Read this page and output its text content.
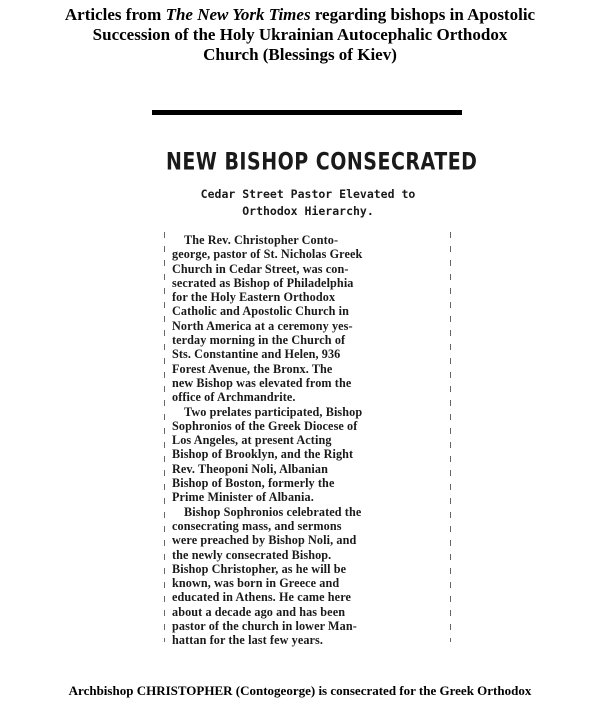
Articles from The New York Times regarding bishops in Apostolic
Succession of the Holy Ukrainian Autocephalic Orthodox
Church (Blessings of Kiev)
NEW BISHOP CONSECRATED
Cedar Street Pastor Elevated to
Orthodox Hierarchy.
The Rev. Christopher Conto-
george, pastor of St. Nicholas Greek
Church in Cedar Street, was con-
secrated as Bishop of Philadelphia
for the Holy Eastern Orthodox
Catholic and Apostolic Church in
North America at a ceremony yes-
terday morning in the Church of
Sts. Constantine and Helen, 936
Forest Avenue, the Bronx. The
new Bishop was elevated from the
office of Archmandrite.
Two prelates participated, Bishop
Sophronios of the Greek Diocese of
Los Angeles, at present Acting
Bishop of Brooklyn, and the Right
Rev. Theoponi Noli, Albanian
Bishop of Boston, formerly the
Prime Minister of Albania.
Bishop Sophronios celebrated the
consecrating mass, and sermons
were preached by Bishop Noli, and
the newly consecrated Bishop.
Bishop Christopher, as he will be
known, was born in Greece and
educated in Athens. He came here
about a decade ago and has been
pastor of the church in lower Man-
hattan for the last few years.
Archbishop CHRISTOPHER (Contogeorge) is consecrated for the Greek Orthodox
